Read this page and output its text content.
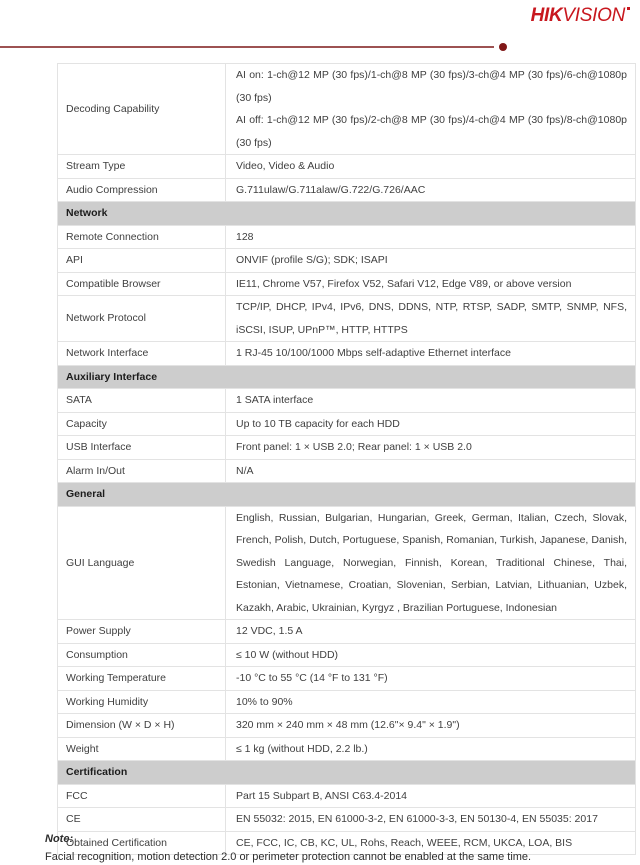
HIKVISION
Decoding Capability	AI on: 1-ch@12 MP (30 fps)/1-ch@8 MP (30 fps)/3-ch@4 MP (30 fps)/6-ch@1080p (30 fps)
AI off: 1-ch@12 MP (30 fps)/2-ch@8 MP (30 fps)/4-ch@4 MP (30 fps)/8-ch@1080p (30 fps)

Stream Type	Video, Video & Audio
Audio Compression	G.711ulaw/G.711alaw/G.722/G.726/AAC
Network	
Remote Connection	128
API	ONVIF (profile S/G); SDK; ISAPI
Compatible Browser	IE11, Chrome V57, Firefox V52, Safari V12, Edge V89, or above version
Network Protocol	TCP/IP, DHCP, IPv4, IPv6, DNS, DDNS, NTP, RTSP, SADP, SMTP, SNMP, NFS, iSCSI, ISUP, UPnP™, HTTP, HTTPS
Network Interface	1 RJ-45 10/100/1000 Mbps self-adaptive Ethernet interface
Auxiliary Interface	
SATA	1 SATA interface
Capacity	Up to 10 TB capacity for each HDD
USB Interface	Front panel: 1 × USB 2.0; Rear panel: 1 × USB 2.0
Alarm In/Out	N/A
General	
GUI Language	English, Russian, Bulgarian, Hungarian, Greek, German, Italian, Czech, Slovak, French, Polish, Dutch, Portuguese, Spanish, Romanian, Turkish, Japanese, Danish, Swedish Language, Norwegian, Finnish, Korean, Traditional Chinese, Thai, Estonian, Vietnamese, Croatian, Slovenian, Serbian, Latvian, Lithuanian, Uzbek, Kazakh, Arabic, Ukrainian, Kyrgyz , Brazilian Portuguese, Indonesian
Power Supply	12 VDC, 1.5 A
Consumption	≤ 10 W (without HDD)
Working Temperature	-10 °C to 55 °C (14 °F to 131 °F)
Working Humidity	10% to 90%
Dimension (W × D × H)	320 mm × 240 mm × 48 mm (12.6"× 9.4" × 1.9")
Weight	≤ 1 kg (without HDD, 2.2 lb.)
Certification	
FCC	Part 15 Subpart B, ANSI C63.4-2014
CE	EN 55032: 2015, EN 61000-3-2, EN 61000-3-3, EN 50130-4, EN 55035: 2017
Obtained Certification	CE, FCC, IC, CB, KC, UL, Rohs, Reach, WEEE, RCM, UKCA, LOA, BIS
Note:
Facial recognition, motion detection 2.0 or perimeter protection cannot be enabled at the same time.
